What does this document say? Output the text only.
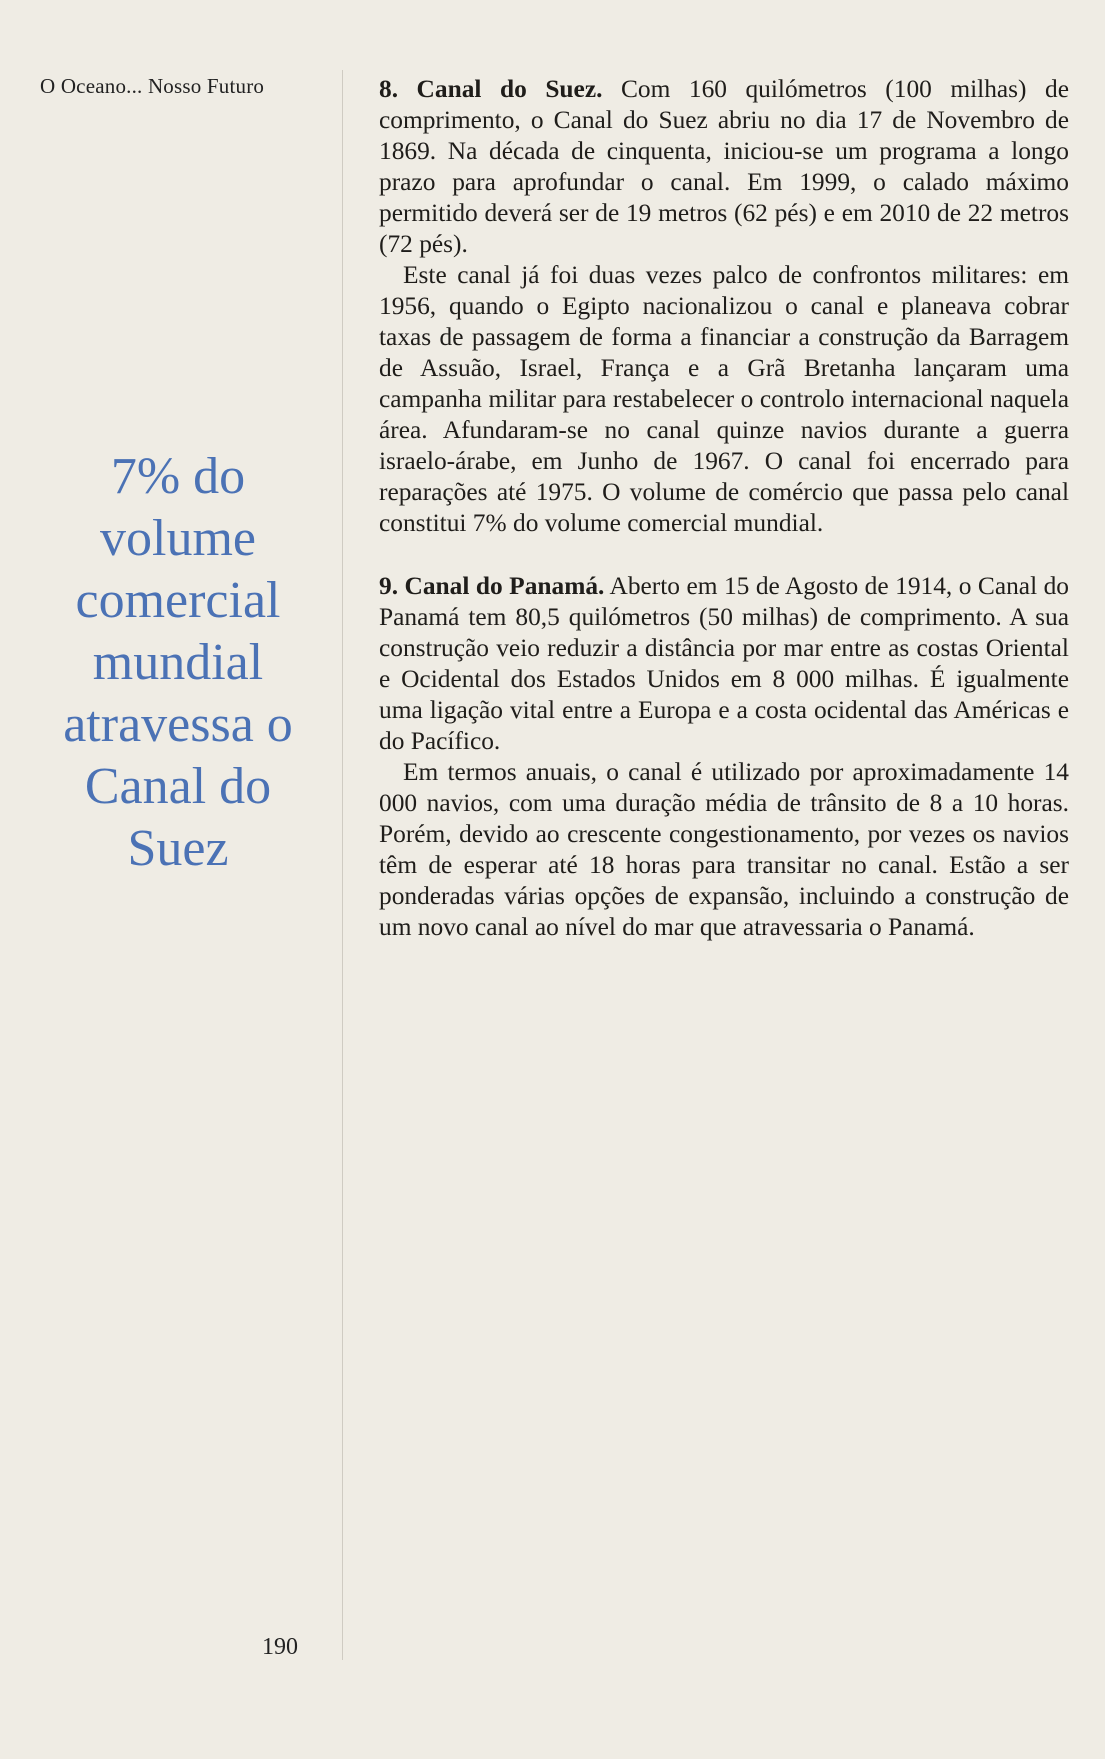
O Oceano... Nosso Futuro
7% do
volume
comercial
mundial
atravessa o
Canal do
Suez

8. Canal do Suez. Com 160 quilómetros (100 milhas) de comprimento, o Canal do Suez abriu no dia 17 de Novembro de 1869. Na década de cinquenta, iniciou-se um programa a longo prazo para aprofundar o canal. Em 1999, o calado máximo permitido deverá ser de 19 metros (62 pés) e em 2010 de 22 metros (72 pés).

Este canal já foi duas vezes palco de confrontos militares: em 1956, quando o Egipto nacionalizou o canal e planeava cobrar taxas de passagem de forma a financiar a construção da Barragem de Assuão, Israel, França e a Grã Bretanha lançaram uma campanha militar para restabelecer o controlo internacional naquela área. Afundaram-se no canal quinze navios durante a guerra israelo-árabe, em Junho de 1967. O canal foi encerrado para reparações até 1975. O volume de comércio que passa pelo canal constitui 7% do volume comercial mundial.

9. Canal do Panamá. Aberto em 15 de Agosto de 1914, o Canal do Panamá tem 80,5 quilómetros (50 milhas) de comprimento. A sua construção veio reduzir a distância por mar entre as costas Oriental e Ocidental dos Estados Unidos em 8 000 milhas. É igualmente uma ligação vital entre a Europa e a costa ocidental das Américas e do Pacífico.

Em termos anuais, o canal é utilizado por aproximadamente 14 000 navios, com uma duração média de trânsito de 8 a 10 horas. Porém, devido ao crescente congestionamento, por vezes os navios têm de esperar até 18 horas para transitar no canal. Estão a ser ponderadas várias opções de expansão, incluindo a construção de um novo canal ao nível do mar que atravessaria o Panamá.

190
